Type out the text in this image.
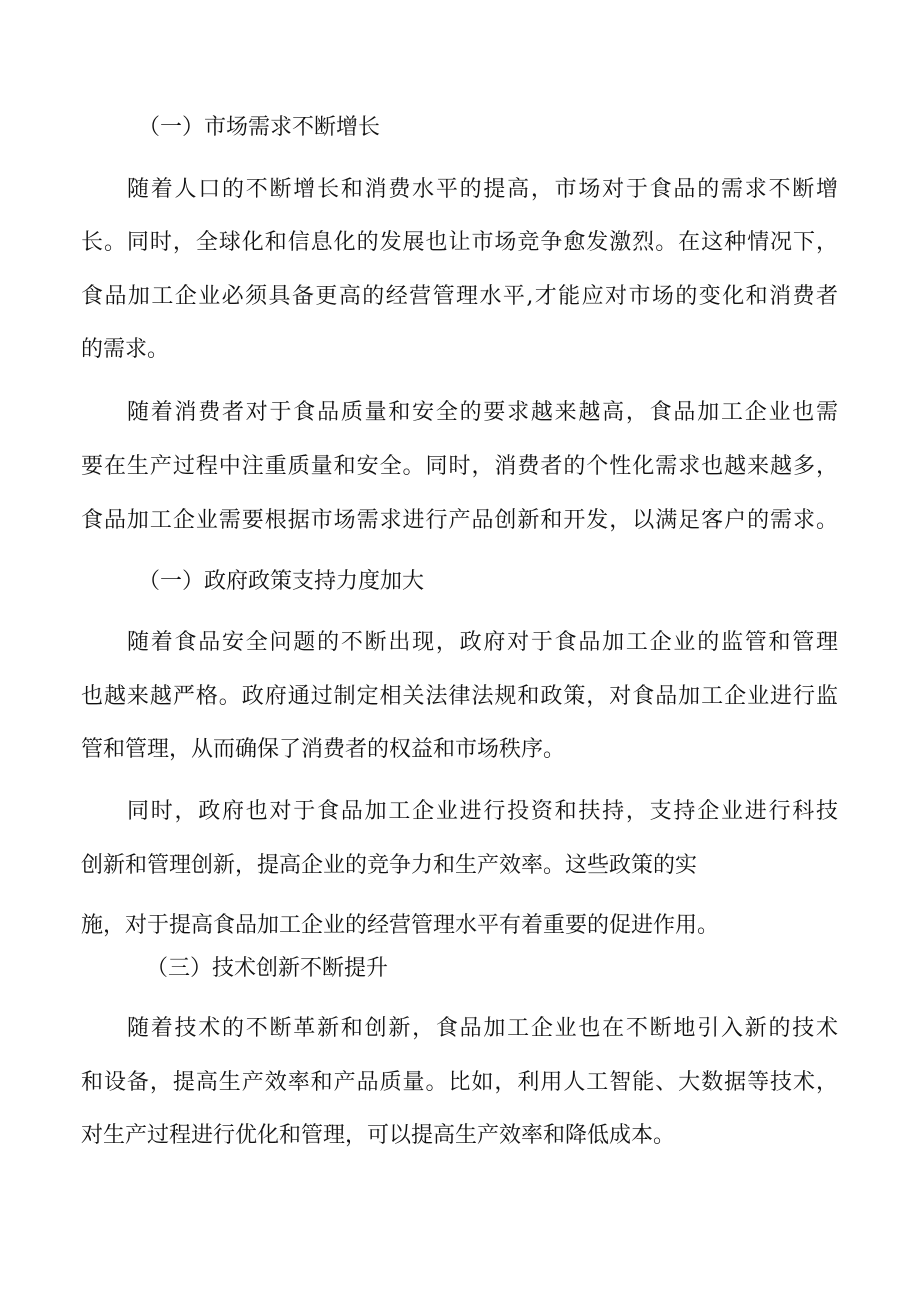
（一）市场需求不断增长

随着人口的不断增长和消费水平的提高，市场对于食品的需求不断增

长。同时，全球化和信息化的发展也让市场竞争愈发激烈。在这种情况下，

食品加工企业必须具备更高的经营管理水平,才能应对市场的变化和消费者

的需求。

随着消费者对于食品质量和安全的要求越来越高，食品加工企业也需

要在生产过程中注重质量和安全。同时，消费者的个性化需求也越来越多，

食品加工企业需要根据市场需求进行产品创新和开发，以满足客户的需求。

（一）政府政策支持力度加大

随着食品安全问题的不断出现，政府对于食品加工企业的监管和管理

也越来越严格。政府通过制定相关法律法规和政策，对食品加工企业进行监

管和管理，从而确保了消费者的权益和市场秩序。

同时，政府也对于食品加工企业进行投资和扶持，支持企业进行科技

创新和管理创新，提高企业的竞争力和生产效率。这些政策的实

施，对于提高食品加工企业的经营管理水平有着重要的促进作用。

（三）技术创新不断提升

随着技术的不断革新和创新，食品加工企业也在不断地引入新的技术

和设备，提高生产效率和产品质量。比如，利用人工智能、大数据等技术，

对生产过程进行优化和管理，可以提高生产效率和降低成本。
